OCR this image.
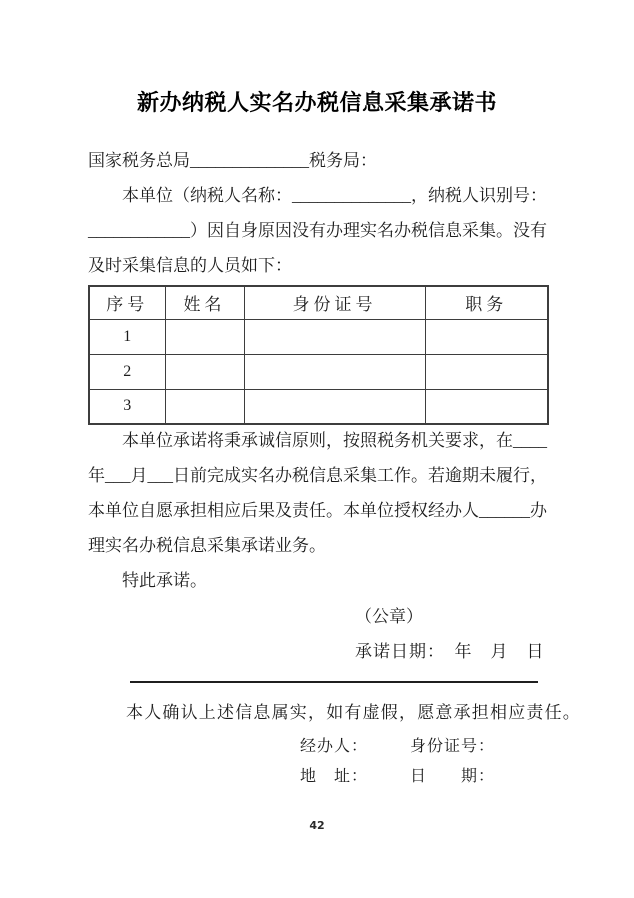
新办纳税人实名办税信息采集承诺书

国家税务总局______________税务局：

本单位（纳税人名称：______________，纳税人识别号：____________）因自身原因没有办理实名办税信息采集。没有及时采集信息的人员如下：

序号	姓名	身份证号	职务
1			
2			
3			

本单位承诺将秉承诚信原则，按照税务机关要求，在____年___月___日前完成实名办税信息采集工作。若逾期未履行，本单位自愿承担相应后果及责任。本单位授权经办人______办理实名办税信息采集承诺业务。

特此承诺。

（公章）

承诺日期：　年　月　日

本人确认上述信息属实，如有虚假，愿意承担相应责任。

经办人：	身份证号：
地　址：	日　　期：
42
